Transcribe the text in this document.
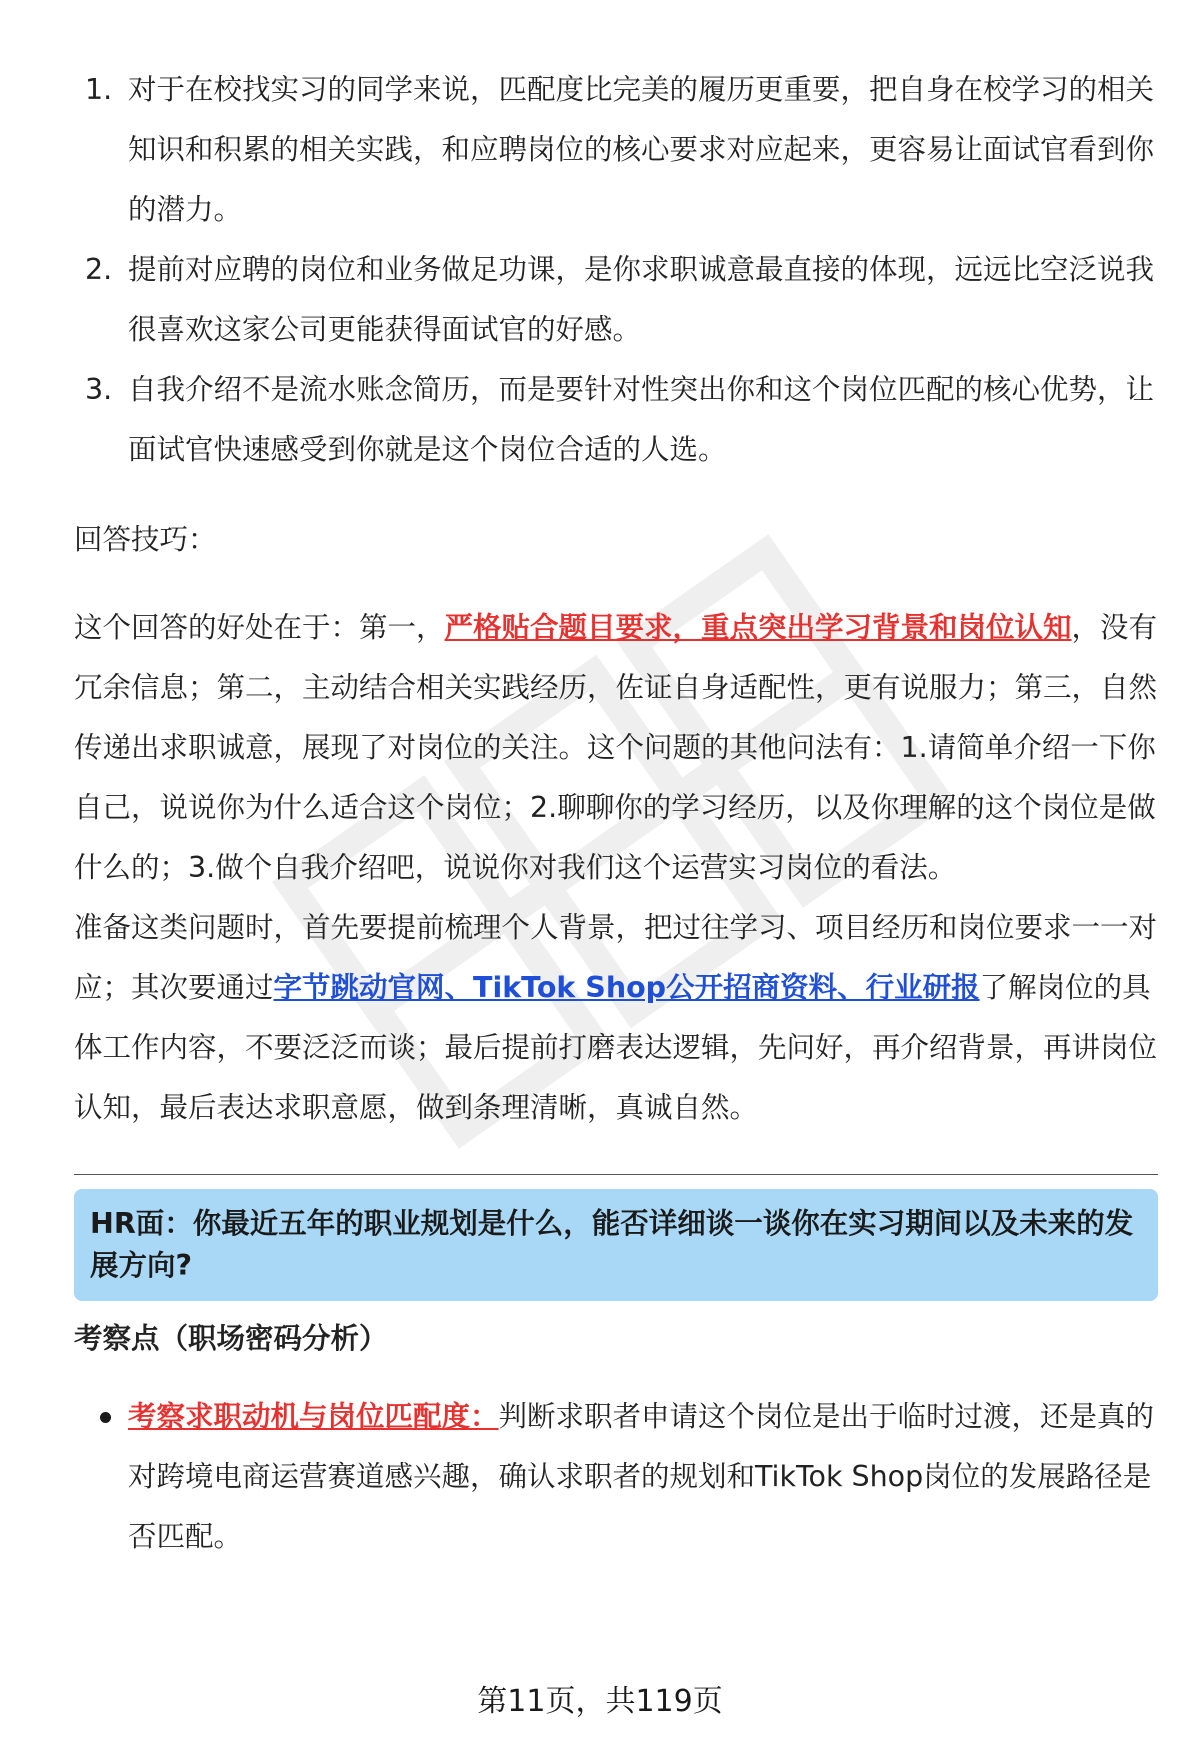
1. 对于在校找实习的同学来说，匹配度比完美的履历更重要，把自身在校学习的相关知识和积累的相关实践，和应聘岗位的核心要求对应起来，更容易让面试官看到你的潜力。
2. 提前对应聘的岗位和业务做足功课，是你求职诚意最直接的体现，远远比空泛说我很喜欢这家公司更能获得面试官的好感。
3. 自我介绍不是流水账念简历，而是要针对性突出你和这个岗位匹配的核心优势，让面试官快速感受到你就是这个岗位合适的人选。

回答技巧：

这个回答的好处在于：第一，严格贴合题目要求，重点突出学习背景和岗位认知，没有冗余信息；第二，主动结合相关实践经历，佐证自身适配性，更有说服力；第三，自然传递出求职诚意，展现了对岗位的关注。这个问题的其他问法有：1.请简单介绍一下你自己，说说你为什么适合这个岗位；2.聊聊你的学习经历，以及你理解的这个岗位是做什么的；3.做个自我介绍吧，说说你对我们这个运营实习岗位的看法。

准备这类问题时，首先要提前梳理个人背景，把过往学习、项目经历和岗位要求一一对应；其次要通过字节跳动官网、TikTok Shop公开招商资料、行业研报了解岗位的具体工作内容，不要泛泛而谈；最后提前打磨表达逻辑，先问好，再介绍背景，再讲岗位认知，最后表达求职意愿，做到条理清晰，真诚自然。

HR面：你最近五年的职业规划是什么，能否详细谈一谈你在实习期间以及未来的发展方向?

考察点（职场密码分析）

考察求职动机与岗位匹配度：判断求职者申请这个岗位是出于临时过渡，还是真的对跨境电商运营赛道感兴趣，确认求职者的规划和TikTok Shop岗位的发展路径是否匹配。
第11页，共119页
